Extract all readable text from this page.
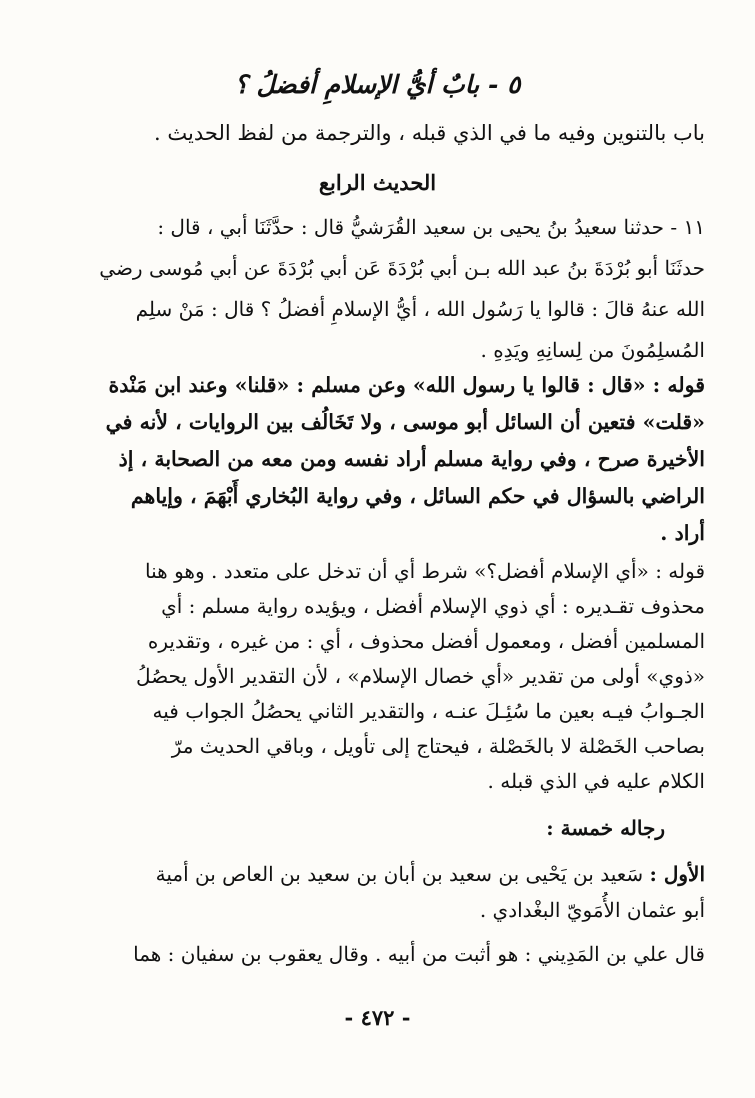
٥ - بابٌ أيُّ الإسلامِ أفضلُ ؟
باب بالتنوين وفيه ما في الذي قبله ، والترجمة من لفظ الحديث .
الحديث الرابع
١١ - حدثنا سعيدُ بنُ يحيى بن سعيد القُرَشيُّ قال : حدَّثَنَا أبي ، قال :
حدثَنَا أبو بُرْدَةَ بنُ عبد الله بـن أبي بُرْدَةَ عَن أبي بُرْدَةَ عن أبي مُوسى رضي
الله عنهُ قالَ : قالوا يا رَسُول الله ، أيُّ الإسلامِ أفضلُ ؟ قال : مَنْ سلِم
المُسلِمُونَ من لِسانِهِ ويَدِهِ .
قوله : «قال : قالوا يا رسول الله» وعن مسلم : «قلنا» وعند ابن مَنْدة
«قلت» فتعين أن السائل أبو موسى ، ولا تَخَالُف بين الروايات ، لأنه في
الأخيرة صرح ، وفي رواية مسلم أراد نفسه ومن معه من الصحابة ، إذ
الراضي بالسؤال في حكم السائل ، وفي رواية البُخاري أَبْهَمَ ، وإياهم
أراد .
قوله : «أي الإسلام أفضل؟» شرط أي أن تدخل على متعدد . وهو هنا
محذوف تقـديره : أي ذوي الإسلام أفضل ، ويؤيده رواية مسلم : أي
المسلمين أفضل ، ومعمول أفضل محذوف ، أي : من غيره ، وتقديره
«ذوي» أولى من تقدير «أي خصال الإسلام» ، لأن التقدير الأول يحصُلُ
الجـوابُ فيـه بعين ما سُئِـلَ عنـه ، والتقدير الثاني يحصُلُ الجواب فيه
بصاحب الخَصْلة لا بالخَصْلة ، فيحتاج إلى تأويل ، وباقي الحديث مرّ
الكلام عليه في الذي قبله .
رجاله خمسة :
الأول : سَعيد بن يَحْيى بن سعيد بن أبان بن سعيد بن العاص بن أمية
أبو عثمان الأُمَويّ البغْدادي .
قال علي بن المَدِيني : هو أثبت من أبيه . وقال يعقوب بن سفيان : هما
- ٤٧٢ -
